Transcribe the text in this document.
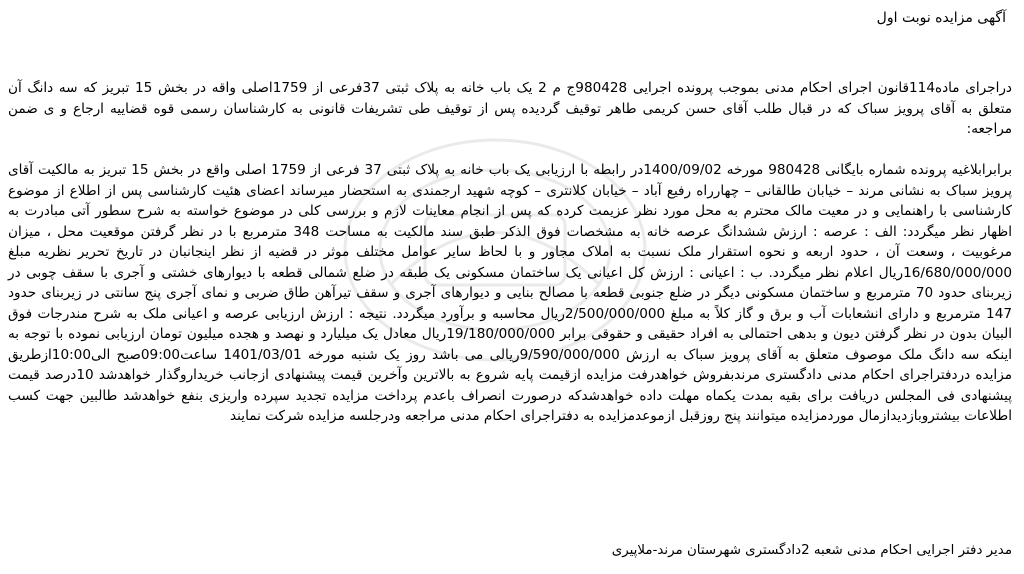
آگهی مزایده نوبت اول

دراجرای ماده114قانون اجرای احکام مدنی بموجب پرونده اجرایی 980428ج م 2 یک باب خانه به پلاک ثبتی 37فرعی از 1759اصلی واقه در بخش 15 تبریز که سه دانگ آن متعلق به آقای پرویز سباک که در قبال طلب آقای حسن کریمی طاهر توقیف گردیده پس از توقیف طی تشریفات قانونی به کارشناسان رسمی قوه قضاییه ارجاع و ی ضمن مراجعه:

برابرابلاغیه پرونده شماره بایگانی 980428 مورخه 1400/09/02در رابطه با ارزیابی یک باب خانه به پلاک ثبتی 37 فرعی از 1759 اصلی واقع در بخش 15 تبریز به مالکیت آقای پرویز سباک به نشانی مرند – خیابان طالقانی – چهارراه رفیع آباد – خیابان کلانتری – کوچه شهید ارجمندی به استحضار میرساند اعضای هئیت کارشناسی پس از اطلاع از موضوع کارشناسی با راهنمایی و در معیت مالک محترم به محل مورد نظر عزیمت کرده که پس از انجام معاینات لازم و بررسی کلی در موضوع خواسته به شرح سطور آتی مبادرت به اظهار نظر میگردد: الف : عرصه : ارزش ششدانگ عرصه خانه به مشخصات فوق الذکر طبق سند مالکیت به مساحت 348 مترمربع با در نظر گرفتن موقعیت محل ، میزان مرغوبیت ، وسعت آن ، حدود اربعه و نحوه استقرار ملک نسبت به املاک مجاور و با لحاظ سایر عوامل مختلف موثر در قضیه از نظر اینجانبان در تاریخ تحریر نظریه مبلغ 16/680/000/000ریال اعلام نظر میگردد. ب : اعیانی : ارزش کل اعیانی یک ساختمان مسکونی یک طبقه در ضلع شمالی قطعه با دیوارهای خشتی و آجری با سقف چوبی در زیربنای حدود 70 مترمربع و ساختمان مسکونی دیگر در ضلع جنوبی قطعه با مصالح بنایی و دیوارهای آجری و سقف تیرآهن طاق ضربی و نمای آجری پنج سانتی در زیربنای حدود 147 مترمربع و دارای انشعابات آب و برق و گاز کلاً به مبلغ 2/500/000/000ریال محاسبه و برآورد میگردد. نتیجه : ارزش ارزیابی عرصه و اعیانی ملک به شرح مندرجات فوق البیان بدون در نظر گرفتن دیون و بدهی احتمالی به افراد حقیقی و حقوقی برابر 19/180/000/000ریال معادل یک میلیارد و نهصد و هجده میلیون تومان ارزیابی نموده با توجه به اینکه سه دانگ ملک موصوف متعلق به آقای پرویز سباک به ارزش 9/590/000/000ریالی می باشد روز یک شنبه مورخه 1401/03/01 ساعت09:00صبح الی10:00ازطریق مزایده دردفتراجرای احکام مدنی دادگستری مرندبفروش خواهدرفت مزایده ازقیمت پایه شروع به بالاترین وآخرین قیمت پیشنهادی ازجانب خریداروگذار خواهدشد 10درصد قیمت پیشنهادی فی المجلس دریافت برای بقیه بمدت یکماه مهلت داده خواهدشدکه درصورت انصراف باعدم پرداخت مزایده تجدید سپرده واریزی بنفع خواهدشد طالبین جهت کسب اطلاعات بیشتروبازدیدازمال موردمزایده میتوانند پنج روزقبل ازموعدمزایده به دفتراجرای احکام مدنی مراجعه ودرجلسه مزایده شرکت نمایند

مدیر دفتر اجرایی احکام مدنی شعبه 2دادگستری شهرستان مرند-ملاپیری
